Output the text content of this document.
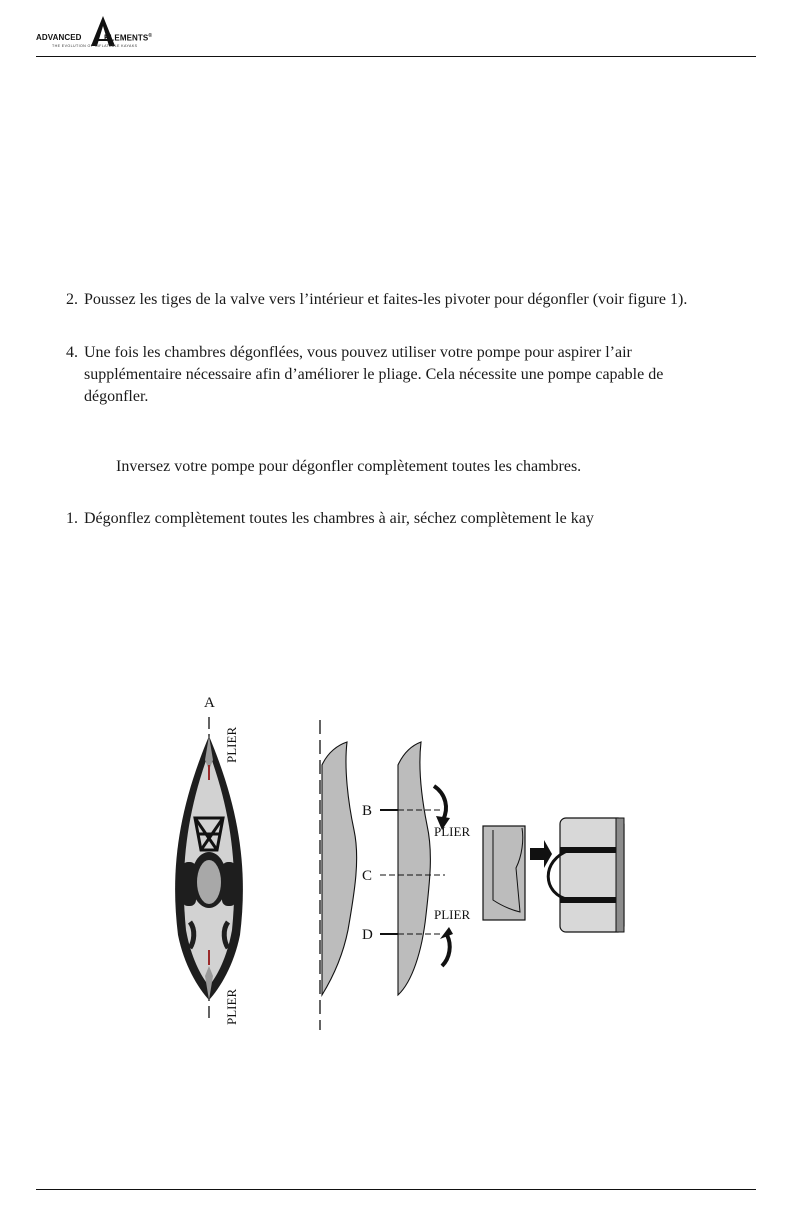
ADVANCED	ELEMENTS®
THE EVOLUTION OF INFLATABLE KAYAKS

2. Poussez les tiges de la valve vers l’intérieur et faites-les pivoter pour dégonfler (voir figure 1).

4. Une fois les chambres dégonflées, vous pouvez utiliser votre pompe pour aspirer l’air supplémentaire nécessaire afin d’améliorer le pliage. Cela nécessite une pompe capable de dégonfler.

Inversez votre pompe pour dégonfler complètement toutes les chambres.

1. Dégonflez complètement toutes les chambres à air, séchez complètement le kay

A
PLIER
PLIER
B
C
D
PLIER
PLIER
